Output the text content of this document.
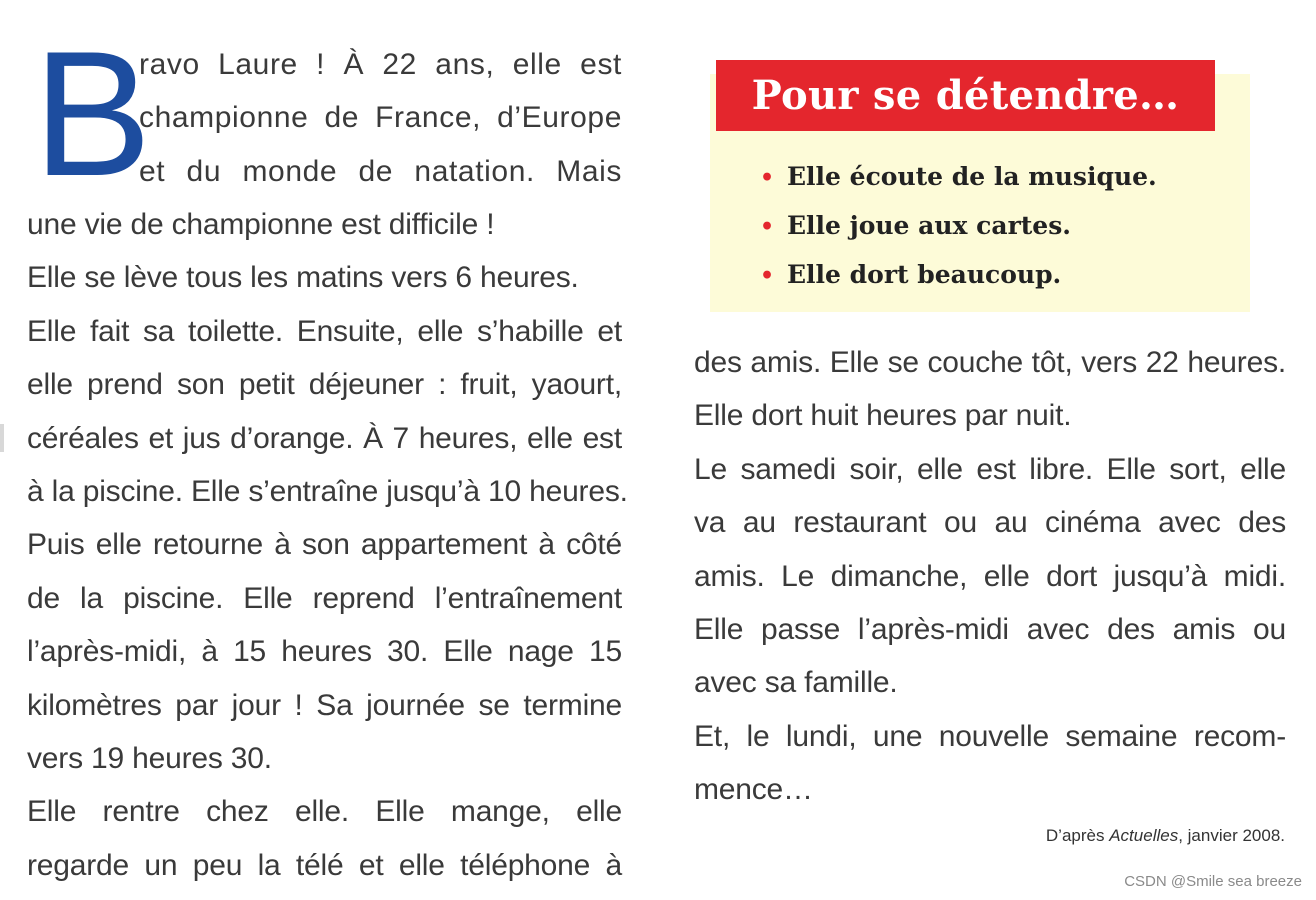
B
ravo Laure ! À 22 ans, elle est
championne de France, d’Europe
et du monde de natation. Mais
une vie de championne est difficile !
Elle se lève tous les matins vers 6 heures.
Elle fait sa toilette. Ensuite, elle s’habille et
elle prend son petit déjeuner : fruit, yaourt,
céréales et jus d’orange. À 7 heures, elle est
à la piscine. Elle s’entraîne jusqu’à 10 heures.
Puis elle retourne à son appartement à côté
de la piscine. Elle reprend l’entraînement
l’après-midi, à 15 heures 30. Elle nage 15
kilomètres par jour ! Sa journée se termine
vers 19 heures 30.
Elle rentre chez elle. Elle mange, elle
regarde un peu la télé et elle téléphone à
Pour se détendre…
• Elle écoute de la musique.
• Elle joue aux cartes.
• Elle dort beaucoup.
des amis. Elle se couche tôt, vers 22 heures.
Elle dort huit heures par nuit.
Le samedi soir, elle est libre. Elle sort, elle
va au restaurant ou au cinéma avec des
amis. Le dimanche, elle dort jusqu’à midi.
Elle passe l’après-midi avec des amis ou
avec sa famille.
Et, le lundi, une nouvelle semaine recom-
mence…
D’après Actuelles, janvier 2008.
CSDN @Smile sea breeze
